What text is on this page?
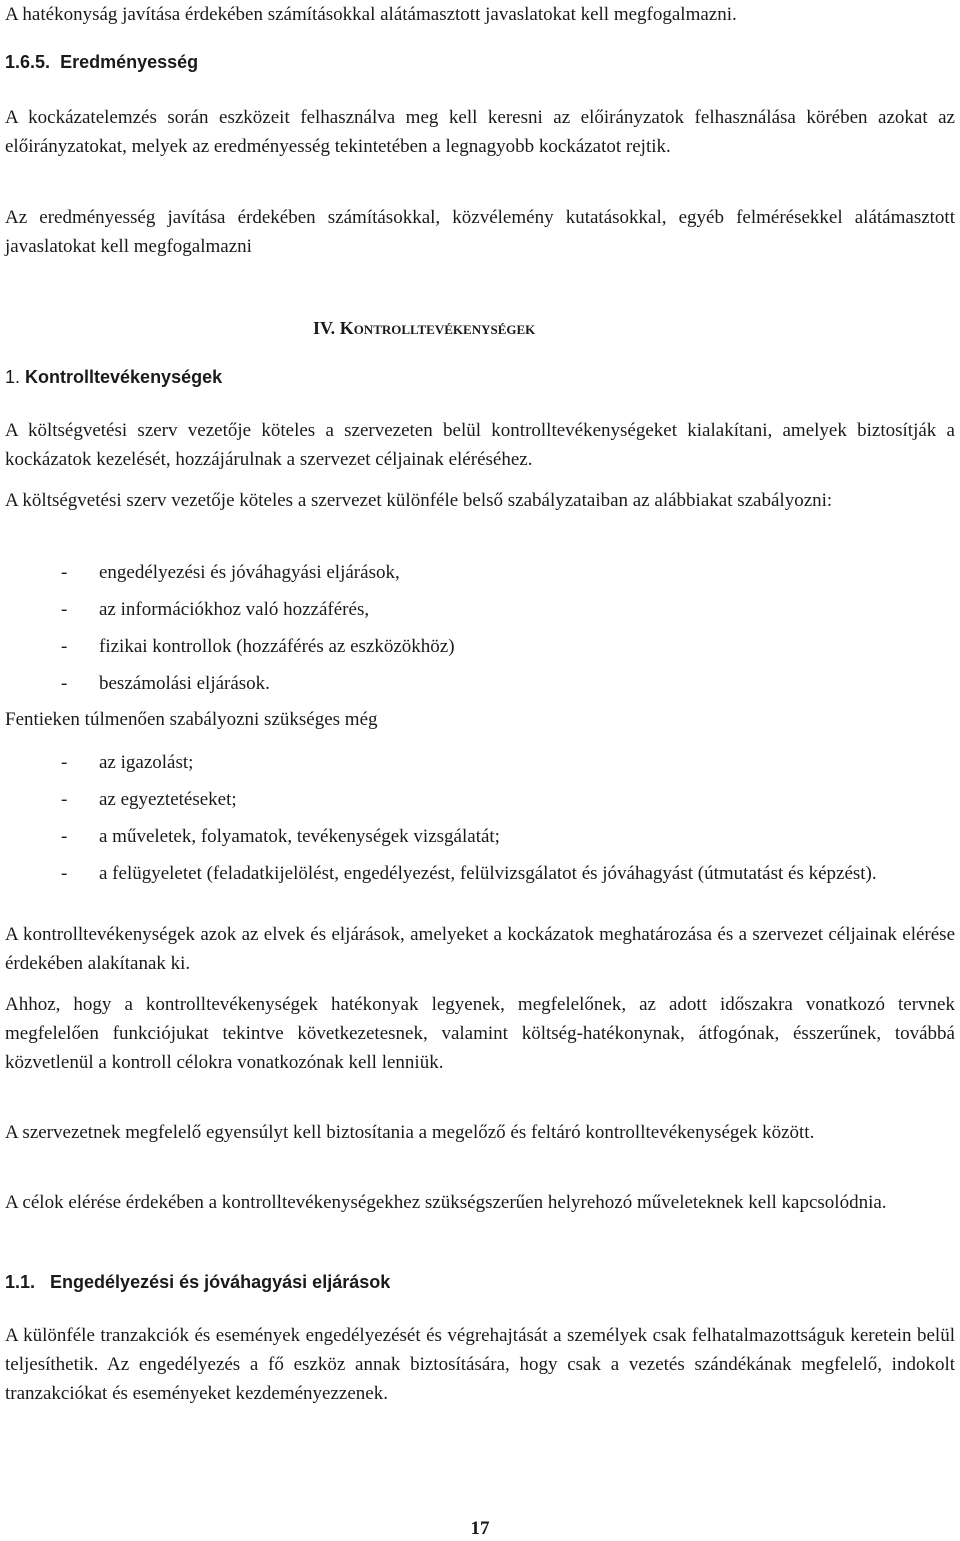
A hatékonyság javítása érdekében számításokkal alátámasztott javaslatokat kell megfogalmazni.

1.6.5. Eredményesség

A kockázatelemzés során eszközeit felhasználva meg kell keresni az előirányzatok felhasználása körében azokat az előirányzatokat, melyek az eredményesség tekintetében a legnagyobb kockázatot rejtik.

Az eredményesség javítása érdekében számításokkal, közvélemény kutatásokkal, egyéb felmérésekkel alátámasztott javaslatokat kell megfogalmazni

IV. Kontrolltevékenységek
1. Kontrolltevékenységek

A költségvetési szerv vezetője köteles a szervezeten belül kontrolltevékenységeket kialakítani, amelyek biztosítják a kockázatok kezelését, hozzájárulnak a szervezet céljainak eléréséhez.

A költségvetési szerv vezetője köteles a szervezet különféle belső szabályzataiban az alábbiakat szabályozni:

- engedélyezési és jóváhagyási eljárások,
- az információkhoz való hozzáférés,
- fizikai kontrollok (hozzáférés az eszközökhöz)
- beszámolási eljárások.

Fentieken túlmenően szabályozni szükséges még

- az igazolást;
- az egyeztetéseket;
- a műveletek, folyamatok, tevékenységek vizsgálatát;
- a felügyeletet (feladatkijelölést, engedélyezést, felülvizsgálatot és jóváhagyást (útmutatást és képzést).

A kontrolltevékenységek azok az elvek és eljárások, amelyeket a kockázatok meghatározása és a szervezet céljainak elérése érdekében alakítanak ki.

Ahhoz, hogy a kontrolltevékenységek hatékonyak legyenek, megfelelőnek, az adott időszakra vonatkozó tervnek megfelelően funkciójukat tekintve következetesnek, valamint költség-hatékonynak, átfogónak, ésszerűnek, továbbá közvetlenül a kontroll célokra vonatkozónak kell lenniük.

A szervezetnek megfelelő egyensúlyt kell biztosítania a megelőző és feltáró kontrolltevékenységek között.

A célok elérése érdekében a kontrolltevékenységekhez szükségszerűen helyrehozó műveleteknek kell kapcsolódnia.

1.1. Engedélyezési és jóváhagyási eljárások

A különféle tranzakciók és események engedélyezését és végrehajtását a személyek csak felhatalmazottságuk keretein belül teljesíthetik. Az engedélyezés a fő eszköz annak biztosítására, hogy csak a vezetés szándékának megfelelő, indokolt tranzakciókat és eseményeket kezdeményezzenek.

17
